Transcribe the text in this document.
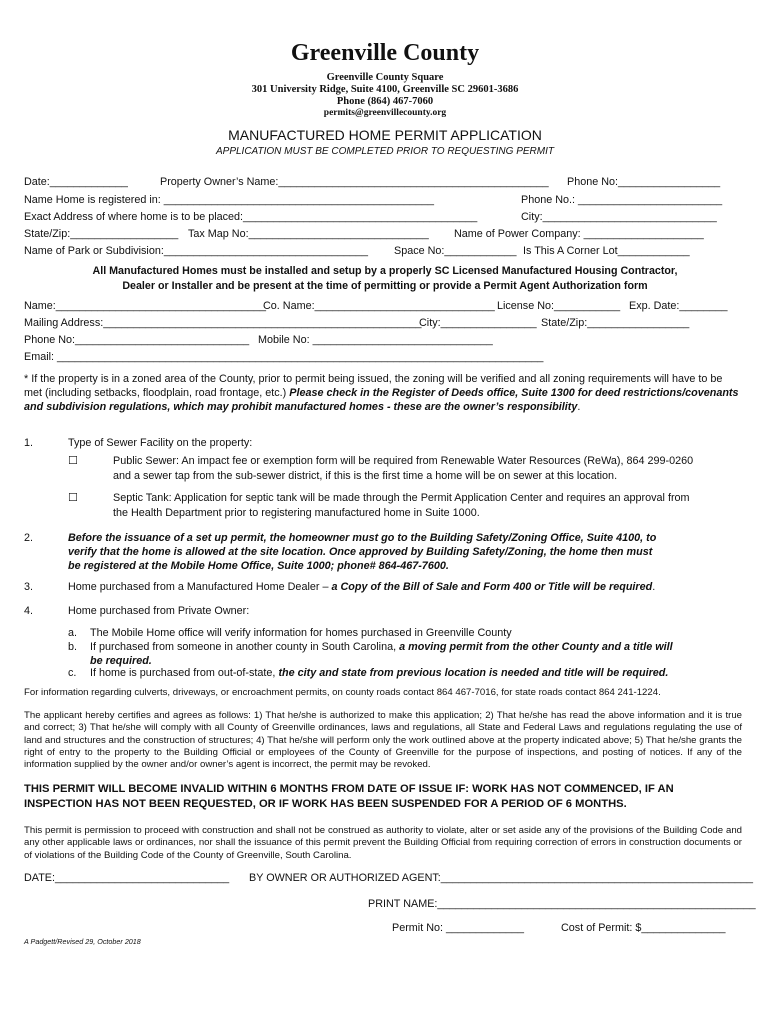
Greenville County
Greenville County Square
301 University Ridge, Suite 4100, Greenville SC 29601-3686
Phone (864) 467-7060
permits@greenvillecounty.org
MANUFACTURED HOME PERMIT APPLICATION
APPLICATION MUST BE COMPLETED PRIOR TO REQUESTING PERMIT
Date:_____________	Property Owner’s Name:_____________________________________________ Phone No:_________________
Name Home is registered in: _____________________________________________	Phone No.: ________________________
Exact Address of where home is to be placed:_______________________________________	City:_____________________________
State/Zip:__________________ Tax Map No:______________________________ Name of Power Company: ____________________
Name of Park or Subdivision:__________________________________ Space No:____________ Is This A Corner Lot____________
All Manufactured Homes must be installed and setup by a properly SC Licensed Manufactured Housing Contractor,
Dealer or Installer and be present at the time of permitting or provide a Permit Agent Authorization form
Name:___________________________________
Co. Name:______________________________ License No:___________ Exp. Date:________
Mailing Address:_____________________________________________________
City:________________ State/Zip:_________________
Phone No:_____________________________ Mobile No: ______________________________
Email: _________________________________________________________________________________
* If the property is in a zoned area of the County, prior to permit being issued, the zoning will be verified and all zoning requirements will have to be met (including setbacks, floodplain, road frontage, etc.) Please check in the Register of Deeds office, Suite 1300 for deed restrictions/covenants and subdivision regulations, which may prohibit manufactured homes - these are the owner’s responsibility.
1.	Type of Sewer Facility on the property:
☐	Public Sewer: An impact fee or exemption form will be required from Renewable Water Resources (ReWa), 864 299-0260
and a sewer tap from the sub-sewer district, if this is the first time a home will be on sewer at this location.
☐	Septic Tank: Application for septic tank will be made through the Permit Application Center and requires an approval from
the Health Department prior to registering manufactured home in Suite 1000.
2.	Before the issuance of a set up permit, the homeowner must go to the Building Safety/Zoning Office, Suite 4100, to
verify that the home is allowed at the site location. Once approved by Building Safety/Zoning, the home then must
be registered at the Mobile Home Office, Suite 1000; phone# 864-467-7600.
3.	Home purchased from a Manufactured Home Dealer – a Copy of the Bill of Sale and Form 400 or Title will be required.
4.	Home purchased from Private Owner:
a. The Mobile Home office will verify information for homes purchased in Greenville County
b. If purchased from someone in another county in South Carolina, a moving permit from the other County and a title will
be required.
c. If home is purchased from out-of-state, the city and state from previous location is needed and title will be required.
For information regarding culverts, driveways, or encroachment permits, on county roads contact 864 467-7016, for state roads contact 864 241-1224.
The applicant hereby certifies and agrees as follows: 1) That he/she is authorized to make this application; 2) That he/she has read the above information and it is true and correct; 3) That he/she will comply with all County of Greenville ordinances, laws and regulations, all State and Federal Laws and regulations regulating the use of land and structures and the construction of structures; 4) That he/she will perform only the work outlined above at the property indicated above; 5) That he/she grants the right of entry to the property to the Building Official or employees of the County of Greenville for the purpose of inspections, and posting of notices. If any of the information supplied by the owner and/or owner’s agent is incorrect, the permit may be revoked.
THIS PERMIT WILL BECOME INVALID WITHIN 6 MONTHS FROM DATE OF ISSUE IF: WORK HAS NOT COMMENCED, IF AN
INSPECTION HAS NOT BEEN REQUESTED, OR IF WORK HAS BEEN SUSPENDED FOR A PERIOD OF 6 MONTHS.
This permit is permission to proceed with construction and shall not be construed as authority to violate, alter or set aside any of the provisions of the Building Code and any other applicable laws or ordinances, nor shall the issuance of this permit prevent the Building Official from requiring correction of errors in construction documents or of violations of the Building Code of the County of Greenville, South Carolina.
DATE:_____________________________ BY OWNER OR AUTHORIZED AGENT:____________________________________________________
PRINT NAME:_____________________________________________________
Permit No: _____________	Cost of Permit: $______________
A Padgett/Revised 29, October 2018
